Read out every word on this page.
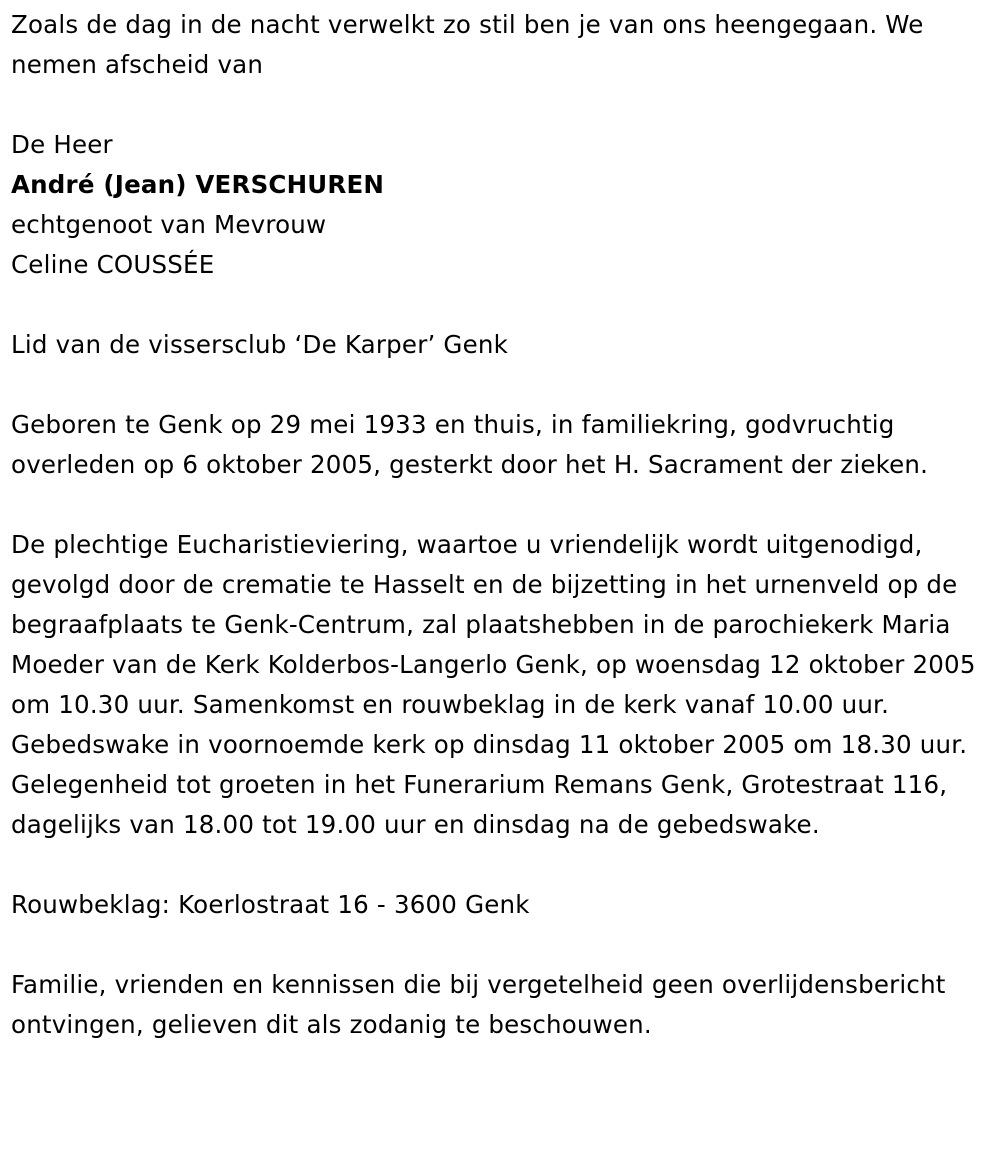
Zoals de dag in de nacht verwelkt zo stil ben je van ons heengegaan. We nemen afscheid van

De Heer

André (Jean) VERSCHUREN

echtgenoot van Mevrouw

Celine COUSSÉE

Lid van de vissersclub ‘De Karper’ Genk

Geboren te Genk op 29 mei 1933 en thuis, in familiekring, godvruchtig overleden op 6 oktober 2005, gesterkt door het H. Sacrament der zieken.

De plechtige Eucharistieviering, waartoe u vriendelijk wordt uitgenodigd, gevolgd door de crematie te Hasselt en de bijzetting in het urnenveld op de begraafplaats te Genk-Centrum, zal plaatshebben in de parochiekerk Maria Moeder van de Kerk Kolderbos-Langerlo Genk, op woensdag 12 oktober 2005 om 10.30 uur. Samenkomst en rouwbeklag in de kerk vanaf 10.00 uur. Gebedswake in voornoemde kerk op dinsdag 11 oktober 2005 om 18.30 uur. Gelegenheid tot groeten in het Funerarium Remans Genk, Grotestraat 116, dagelijks van 18.00 tot 19.00 uur en dinsdag na de gebedswake.

Rouwbeklag: Koerlostraat 16 - 3600 Genk

Familie, vrienden en kennissen die bij vergetelheid geen overlijdensbericht ontvingen, gelieven dit als zodanig te beschouwen.
